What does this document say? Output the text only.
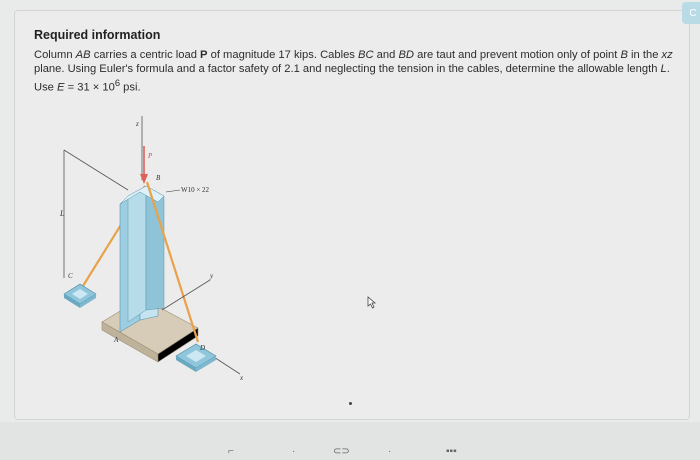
C
Required information
Column AB carries a centric load P of magnitude 17 kips. Cables BC and BD are taut and prevent motion only of point B in the xz plane. Using Euler's formula and a factor safety of 2.1 and neglecting the tension in the cables, determine the allowable length L. Use $E = 31 \times 10^6$ psi.
L
z
A
P
B
W10 × 22
y
x
C
D
⌐	·	⊂⊃	·	▪▪▪
